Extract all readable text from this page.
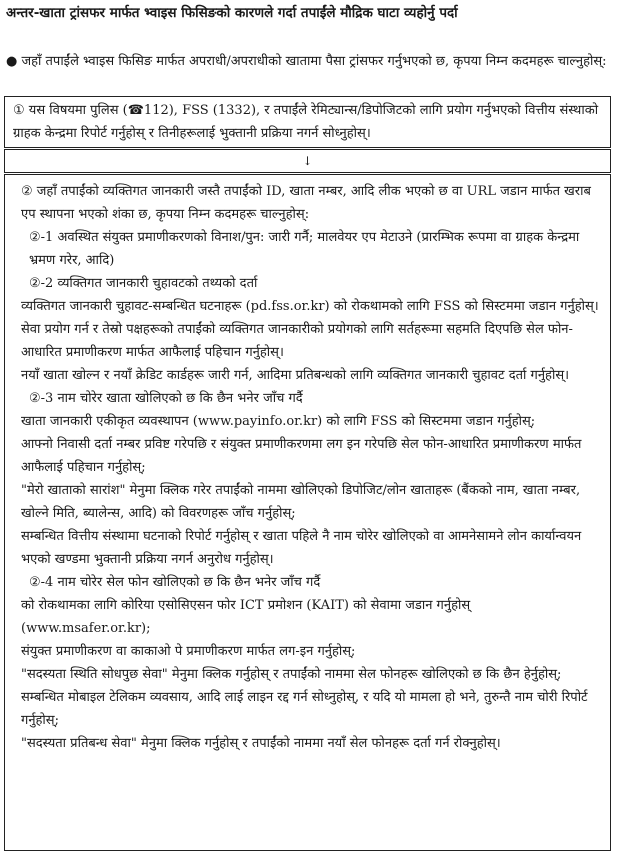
अन्तर-खाता ट्रांसफर मार्फत भ्वाइस फिसिङको कारणले गर्दा तपाईंले मौद्रिक घाटा व्यहोर्नु पर्दा
● जहाँ तपाईंले भ्वाइस फिसिङ मार्फत अपराधी/अपराधीको खातामा पैसा ट्रांसफर गर्नुभएको छ, कृपया निम्न कदमहरू चाल्नुहोस्:
① यस विषयमा पुलिस (☎112), FSS (1332), र तपाईंले रेमिट्यान्स/डिपोजिटको लागि प्रयोग गर्नुभएको वित्तीय संस्थाको ग्राहक केन्द्रमा रिपोर्ट गर्नुहोस् र तिनीहरूलाई भुक्तानी प्रक्रिया नगर्न सोध्नुहोस्।
↓

② जहाँ तपाईंको व्यक्तिगत जानकारी जस्तै तपाईंको ID, खाता नम्बर, आदि लीक भएको छ वा URL जडान मार्फत खराब एप स्थापना भएको शंका छ, कृपया निम्न कदमहरू चाल्नुहोस्:

②-1 अवस्थित संयुक्त प्रमाणीकरणको विनाश/पुन: जारी गर्नै; मालवेयर एप मेटाउने (प्रारम्भिक रूपमा वा ग्राहक केन्द्रमा भ्रमण गरेर, आदि)

②-2 व्यक्तिगत जानकारी चुहावटको तथ्यको दर्ता

व्यक्तिगत जानकारी चुहावट-सम्बन्धित घटनाहरू (pd.fss.or.kr) को रोकथामको लागि FSS को सिस्टममा जडान गर्नुहोस्।

सेवा प्रयोग गर्न र तेस्रो पक्षहरूको तपाईंको व्यक्तिगत जानकारीको प्रयोगको लागि सर्तहरूमा सहमति दिएपछि सेल फोन-आधारित प्रमाणीकरण मार्फत आफैलाई पहिचान गर्नुहोस्।

नयाँ खाता खोल्न र नयाँ क्रेडिट कार्डहरू जारी गर्न, आदिमा प्रतिबन्धको लागि व्यक्तिगत जानकारी चुहावट दर्ता गर्नुहोस्।

②-3 नाम चोरेर खाता खोलिएको छ कि छैन भनेर जाँच गर्दै

खाता जानकारी एकीकृत व्यवस्थापन (www.payinfo.or.kr) को लागि FSS को सिस्टममा जडान गर्नुहोस्;

आफ्नो निवासी दर्ता नम्बर प्रविष्ट गरेपछि र संयुक्त प्रमाणीकरणमा लग इन गरेपछि सेल फोन-आधारित प्रमाणीकरण मार्फत आफैलाई पहिचान गर्नुहोस्;

"मेरो खाताको सारांश" मेनुमा क्लिक गरेर तपाईंको नाममा खोलिएको डिपोजिट/लोन खाताहरू (बैंकको नाम, खाता नम्बर, खोल्ने मिति, ब्यालेन्स, आदि) को विवरणहरू जाँच गर्नुहोस्;

सम्बन्धित वित्तीय संस्थामा घटनाको रिपोर्ट गर्नुहोस् र खाता पहिले नै नाम चोरेर खोलिएको वा आमनेसामने लोन कार्यान्वयन भएको खण्डमा भुक्तानी प्रक्रिया नगर्न अनुरोध गर्नुहोस्।

②-4 नाम चोरेर सेल फोन खोलिएको छ कि छैन भनेर जाँच गर्दै

को रोकथामका लागि कोरिया एसोसिएसन फोर ICT प्रमोशन (KAIT) को सेवामा जडान गर्नुहोस् (www.msafer.or.kr);

संयुक्त प्रमाणीकरण वा काकाओ पे प्रमाणीकरण मार्फत लग-इन गर्नुहोस्;

"सदस्यता स्थिति सोधपुछ सेवा" मेनुमा क्लिक गर्नुहोस् र तपाईंको नाममा सेल फोनहरू खोलिएको छ कि छैन हेर्नुहोस्;

सम्बन्धित मोबाइल टेलिकम व्यवसाय, आदि लाई लाइन रद्द गर्न सोध्नुहोस्, र यदि यो मामला हो भने, तुरुन्तै नाम चोरी रिपोर्ट गर्नुहोस्;

"सदस्यता प्रतिबन्ध सेवा" मेनुमा क्लिक गर्नुहोस् र तपाईंको नाममा नयाँ सेल फोनहरू दर्ता गर्न रोक्नुहोस्।
